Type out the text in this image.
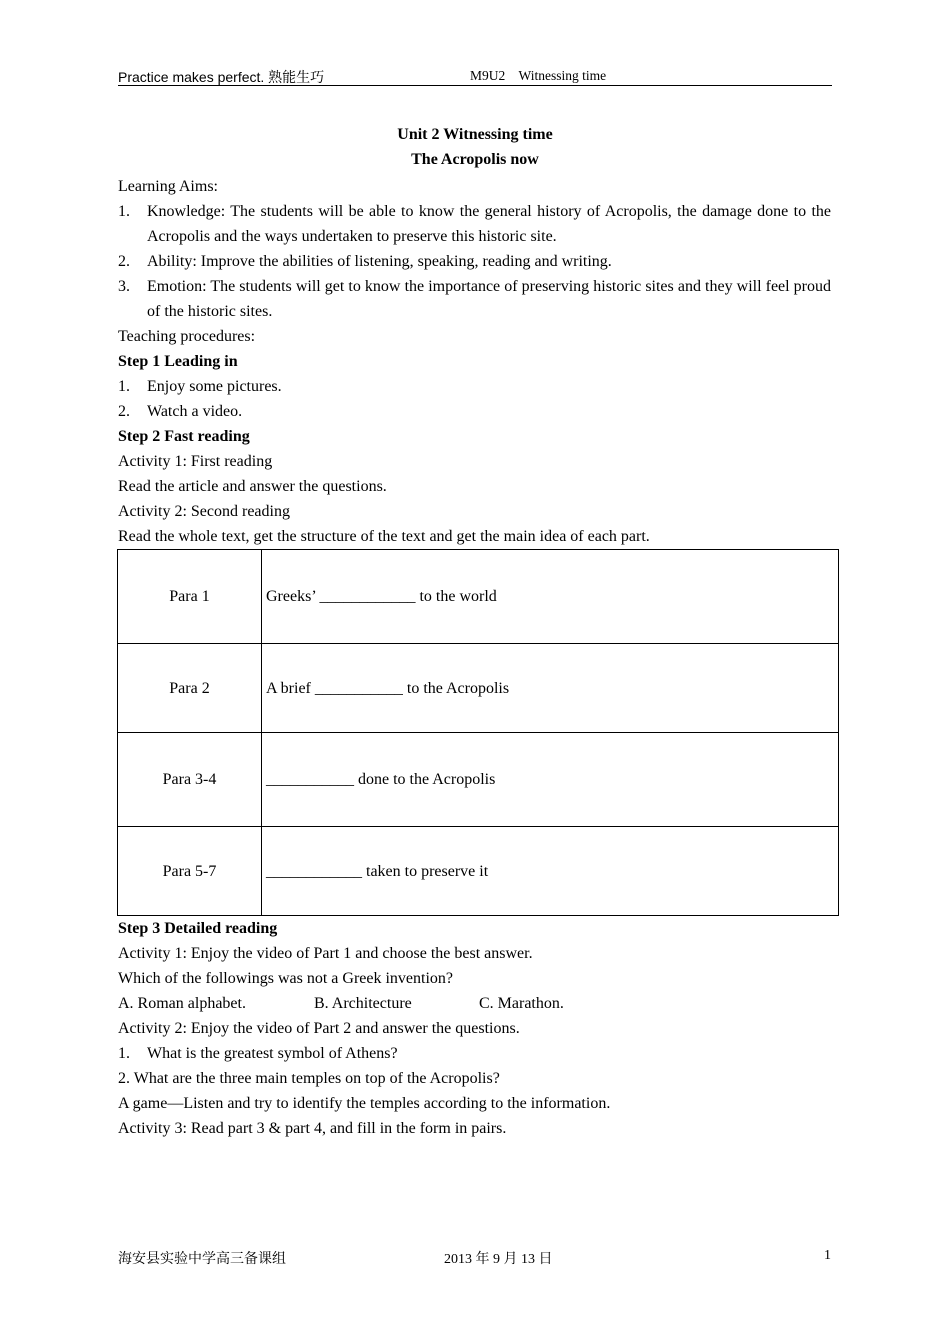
Practice makes perfect. 熟能生巧	M9U2    Witnessing time
Unit 2 Witnessing time
The Acropolis now

Learning Aims:

1.	Knowledge: The students will be able to know the general history of Acropolis, the damage done to the Acropolis and the ways undertaken to preserve this historic site.
2.	Ability: Improve the abilities of listening, speaking, reading and writing.
3.	Emotion: The students will get to know the importance of preserving historic sites and they will feel proud of the historic sites.

Teaching procedures:

Step 1 Leading in

1.	Enjoy some pictures.
2.	Watch a video.

Step 2 Fast reading

Activity 1: First reading

Read the article and answer the questions.

Activity 2: Second reading

Read the whole text, get the structure of the text and get the main idea of each part.

Para 1	Greeks’ ____________ to the world
Para 2	A brief ___________ to the Acropolis
Para 3-4	___________ done to the Acropolis
Para 5-7	____________ taken to preserve it

Step 3 Detailed reading

Activity 1: Enjoy the video of Part 1 and choose the best answer.

Which of the followings was not a Greek invention?

A. Roman alphabet.	B. Architecture	C. Marathon.

Activity 2: Enjoy the video of Part 2 and answer the questions.

1.	What is the greatest symbol of Athens?

2. What are the three main temples on top of the Acropolis?

A game—Listen and try to identify the temples according to the information.

Activity 3: Read part 3 & part 4, and fill in the form in pairs.

海安县实验中学高三备课组	2013 年 9 月 13 日	1
